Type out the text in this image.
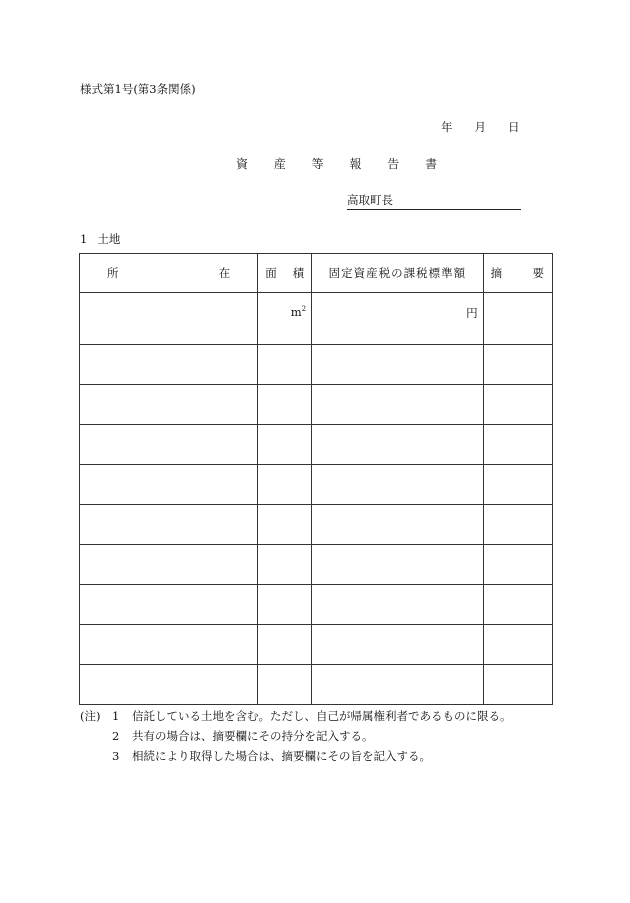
様式第1号(第3条関係)
年 月 日
資 産 等 報 告 書
高取町長
1 土地
所 在	面 積	固定資産税の課税標準額	摘 要

	$m^2$	円	

(注)	1	信託している土地を含む。ただし、自己が帰属権利者であるものに限る。
2	共有の場合は、摘要欄にその持分を記入する。
3	相続により取得した場合は、摘要欄にその旨を記入する。
